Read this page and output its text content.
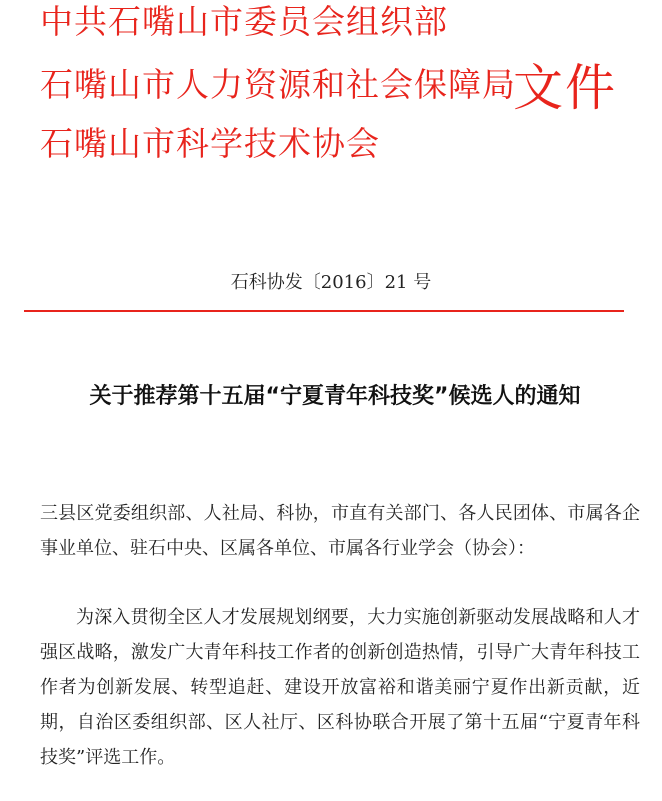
中共石嘴山市委员会组织部
石嘴山市人力资源和社会保障局
石嘴山市科学技术协会
文件
石科协发〔2016〕21 号
关于推荐第十五届“宁夏青年科技奖”候选人的通知
三县区党委组织部、人社局、科协，市直有关部门、各人民团体、市属各企事业单位、驻石中央、区属各单位、市属各行业学会（协会）：
为深入贯彻全区人才发展规划纲要，大力实施创新驱动发展战略和人才强区战略，激发广大青年科技工作者的创新创造热情，引导广大青年科技工作者为创新发展、转型追赶、建设开放富裕和谐美丽宁夏作出新贡献，近期，自治区委组织部、区人社厅、区科协联合开展了第十五届“宁夏青年科技奖”评选工作。
